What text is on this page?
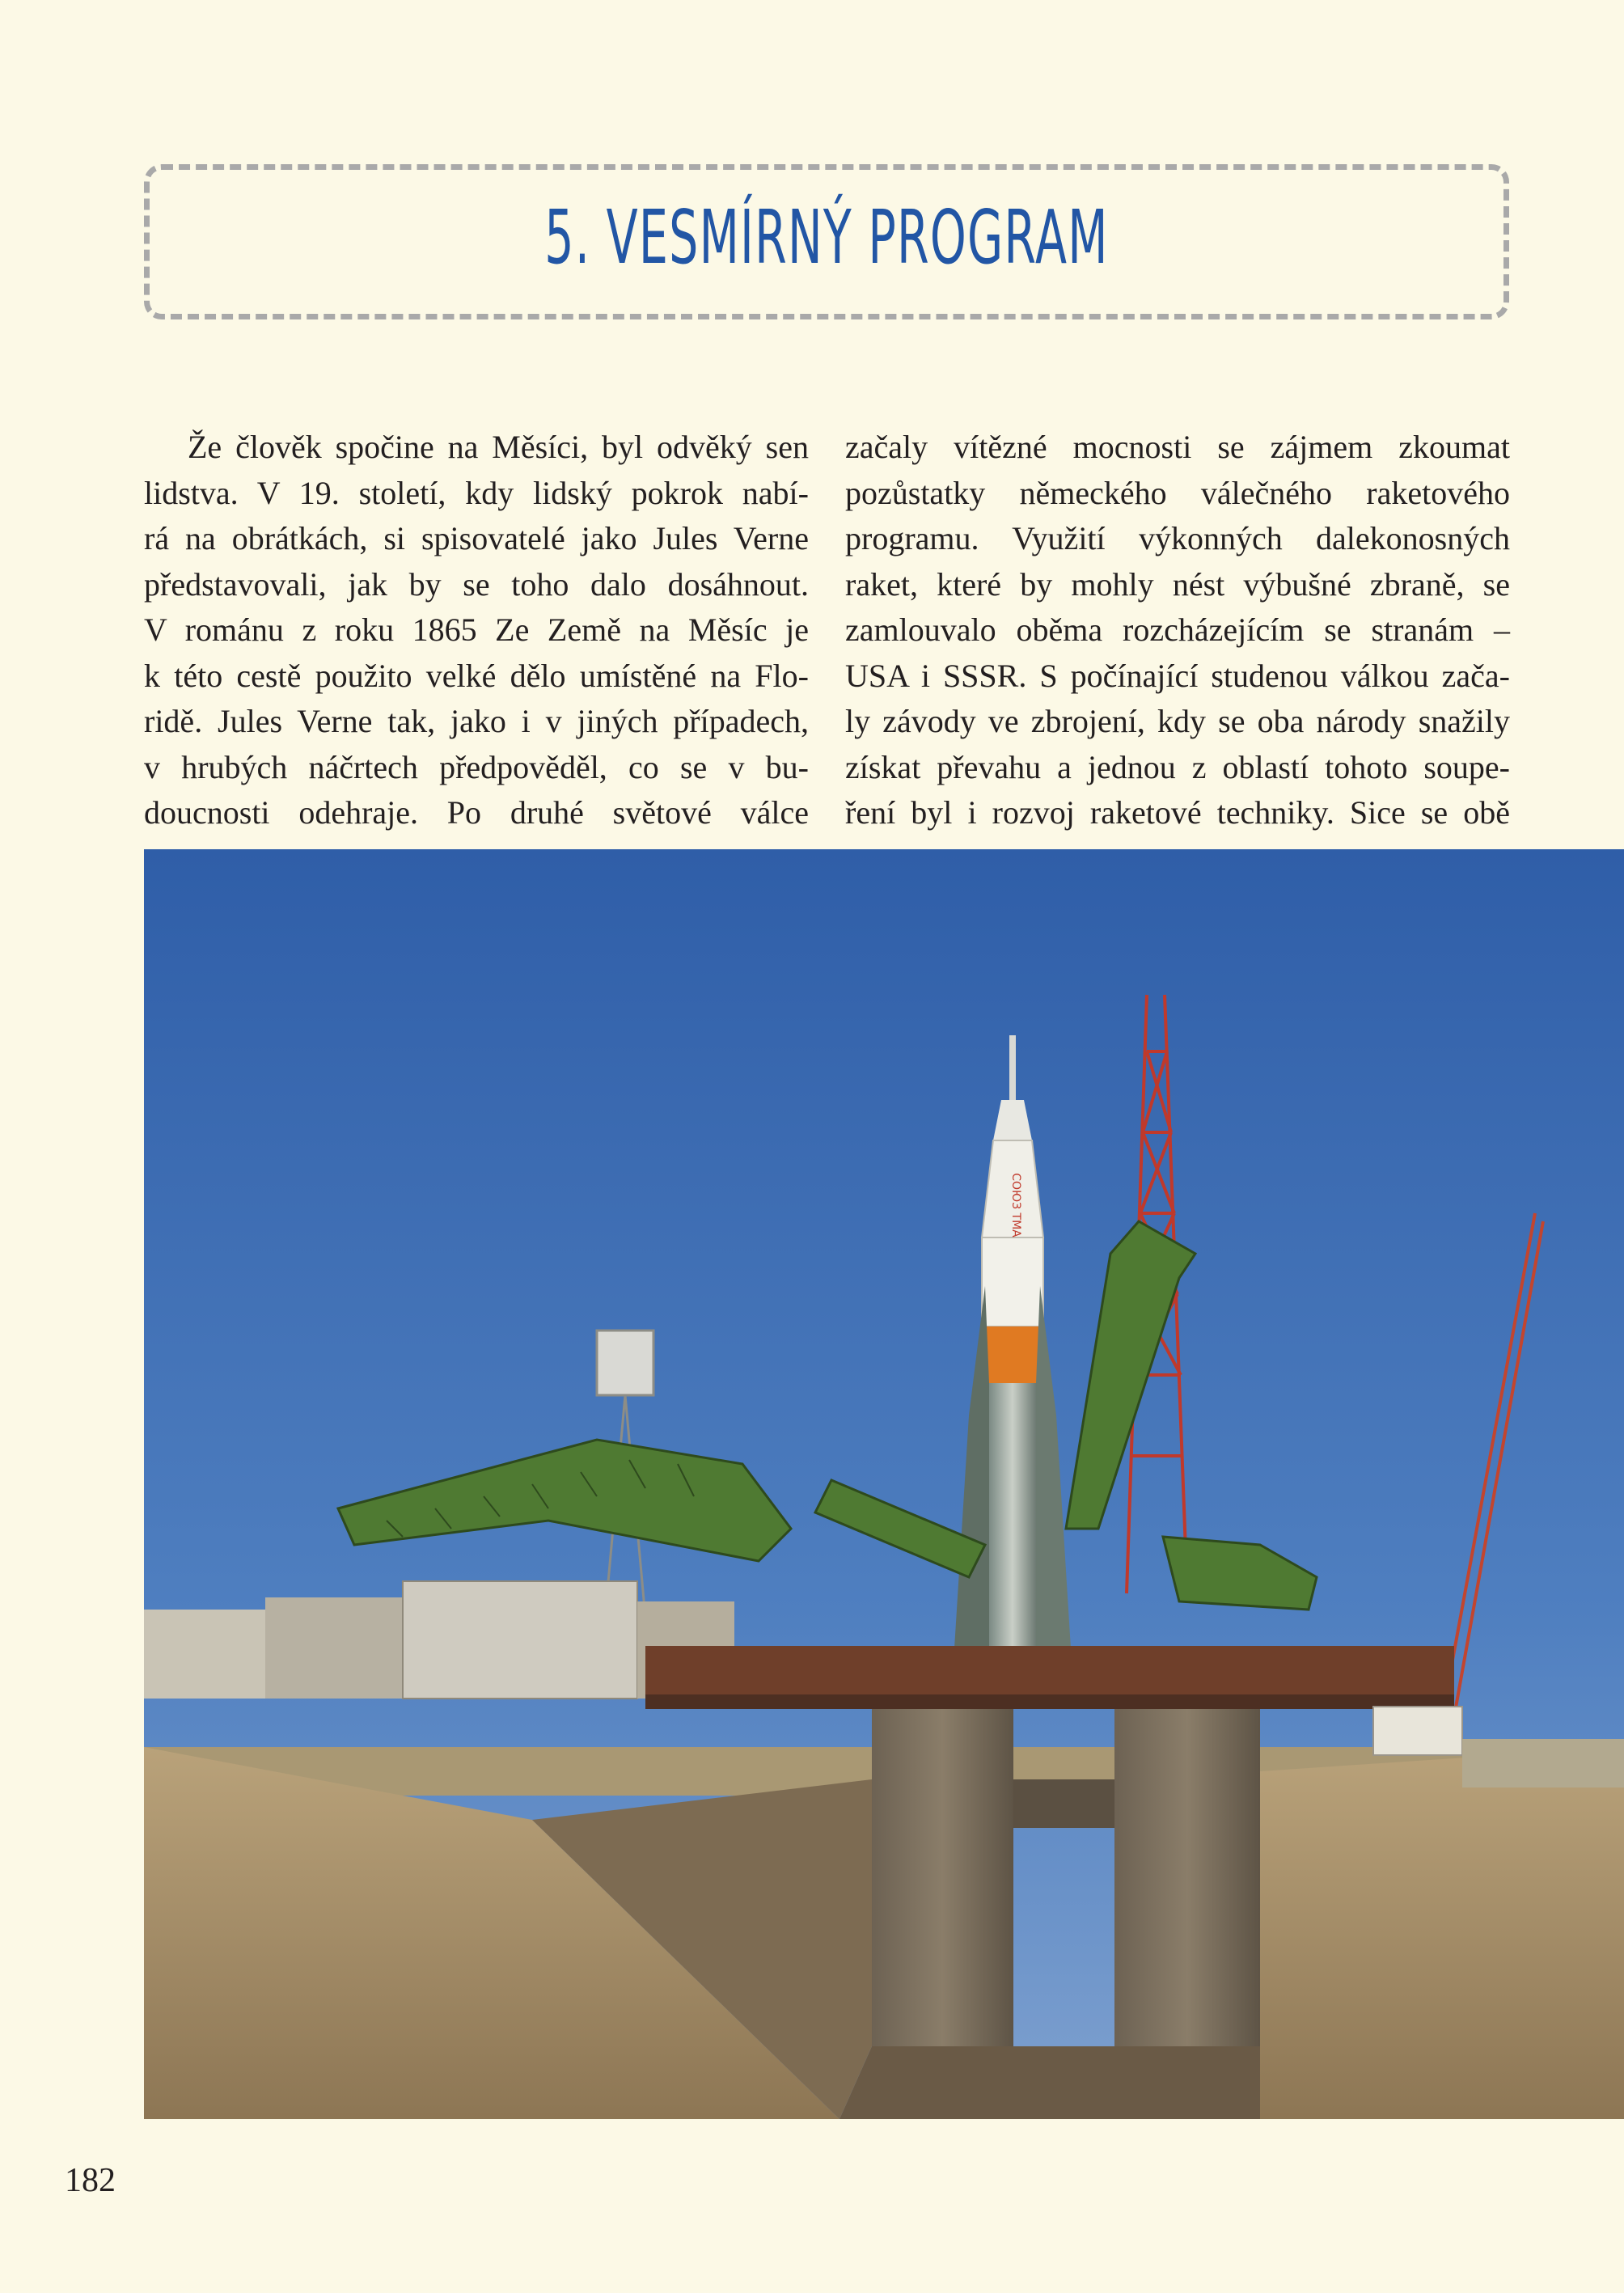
5. VESMÍRNÝ PROGRAM
Že člověk spočine na Měsíci, byl odvěký sen
lidstva. V 19. století, kdy lidský pokrok nabí-
rá na obrátkách, si spisovatelé jako Jules Verne
představovali, jak by se toho dalo dosáhnout.
V románu z roku 1865 Ze Země na Měsíc je
k této cestě použito velké dělo umístěné na Flo-
ridě. Jules Verne tak, jako i v jiných případech,
v hrubých náčrtech předpověděl, co se v bu-
doucnosti odehraje. Po druhé světové válce
začaly vítězné mocnosti se zájmem zkoumat
pozůstatky německého válečného raketového
programu. Využití výkonných dalekonosných
raket, které by mohly nést výbušné zbraně, se
zamlouvalo oběma rozcházejícím se stranám –
USA i SSSR. S počínající studenou válkou zača-
ly závody ve zbrojení, kdy se oba národy snažily
získat převahu a jednou z oblastí tohoto soupe-
ření byl i rozvoj raketové techniky. Sice se obě
СОЮЗ ТМА
182
